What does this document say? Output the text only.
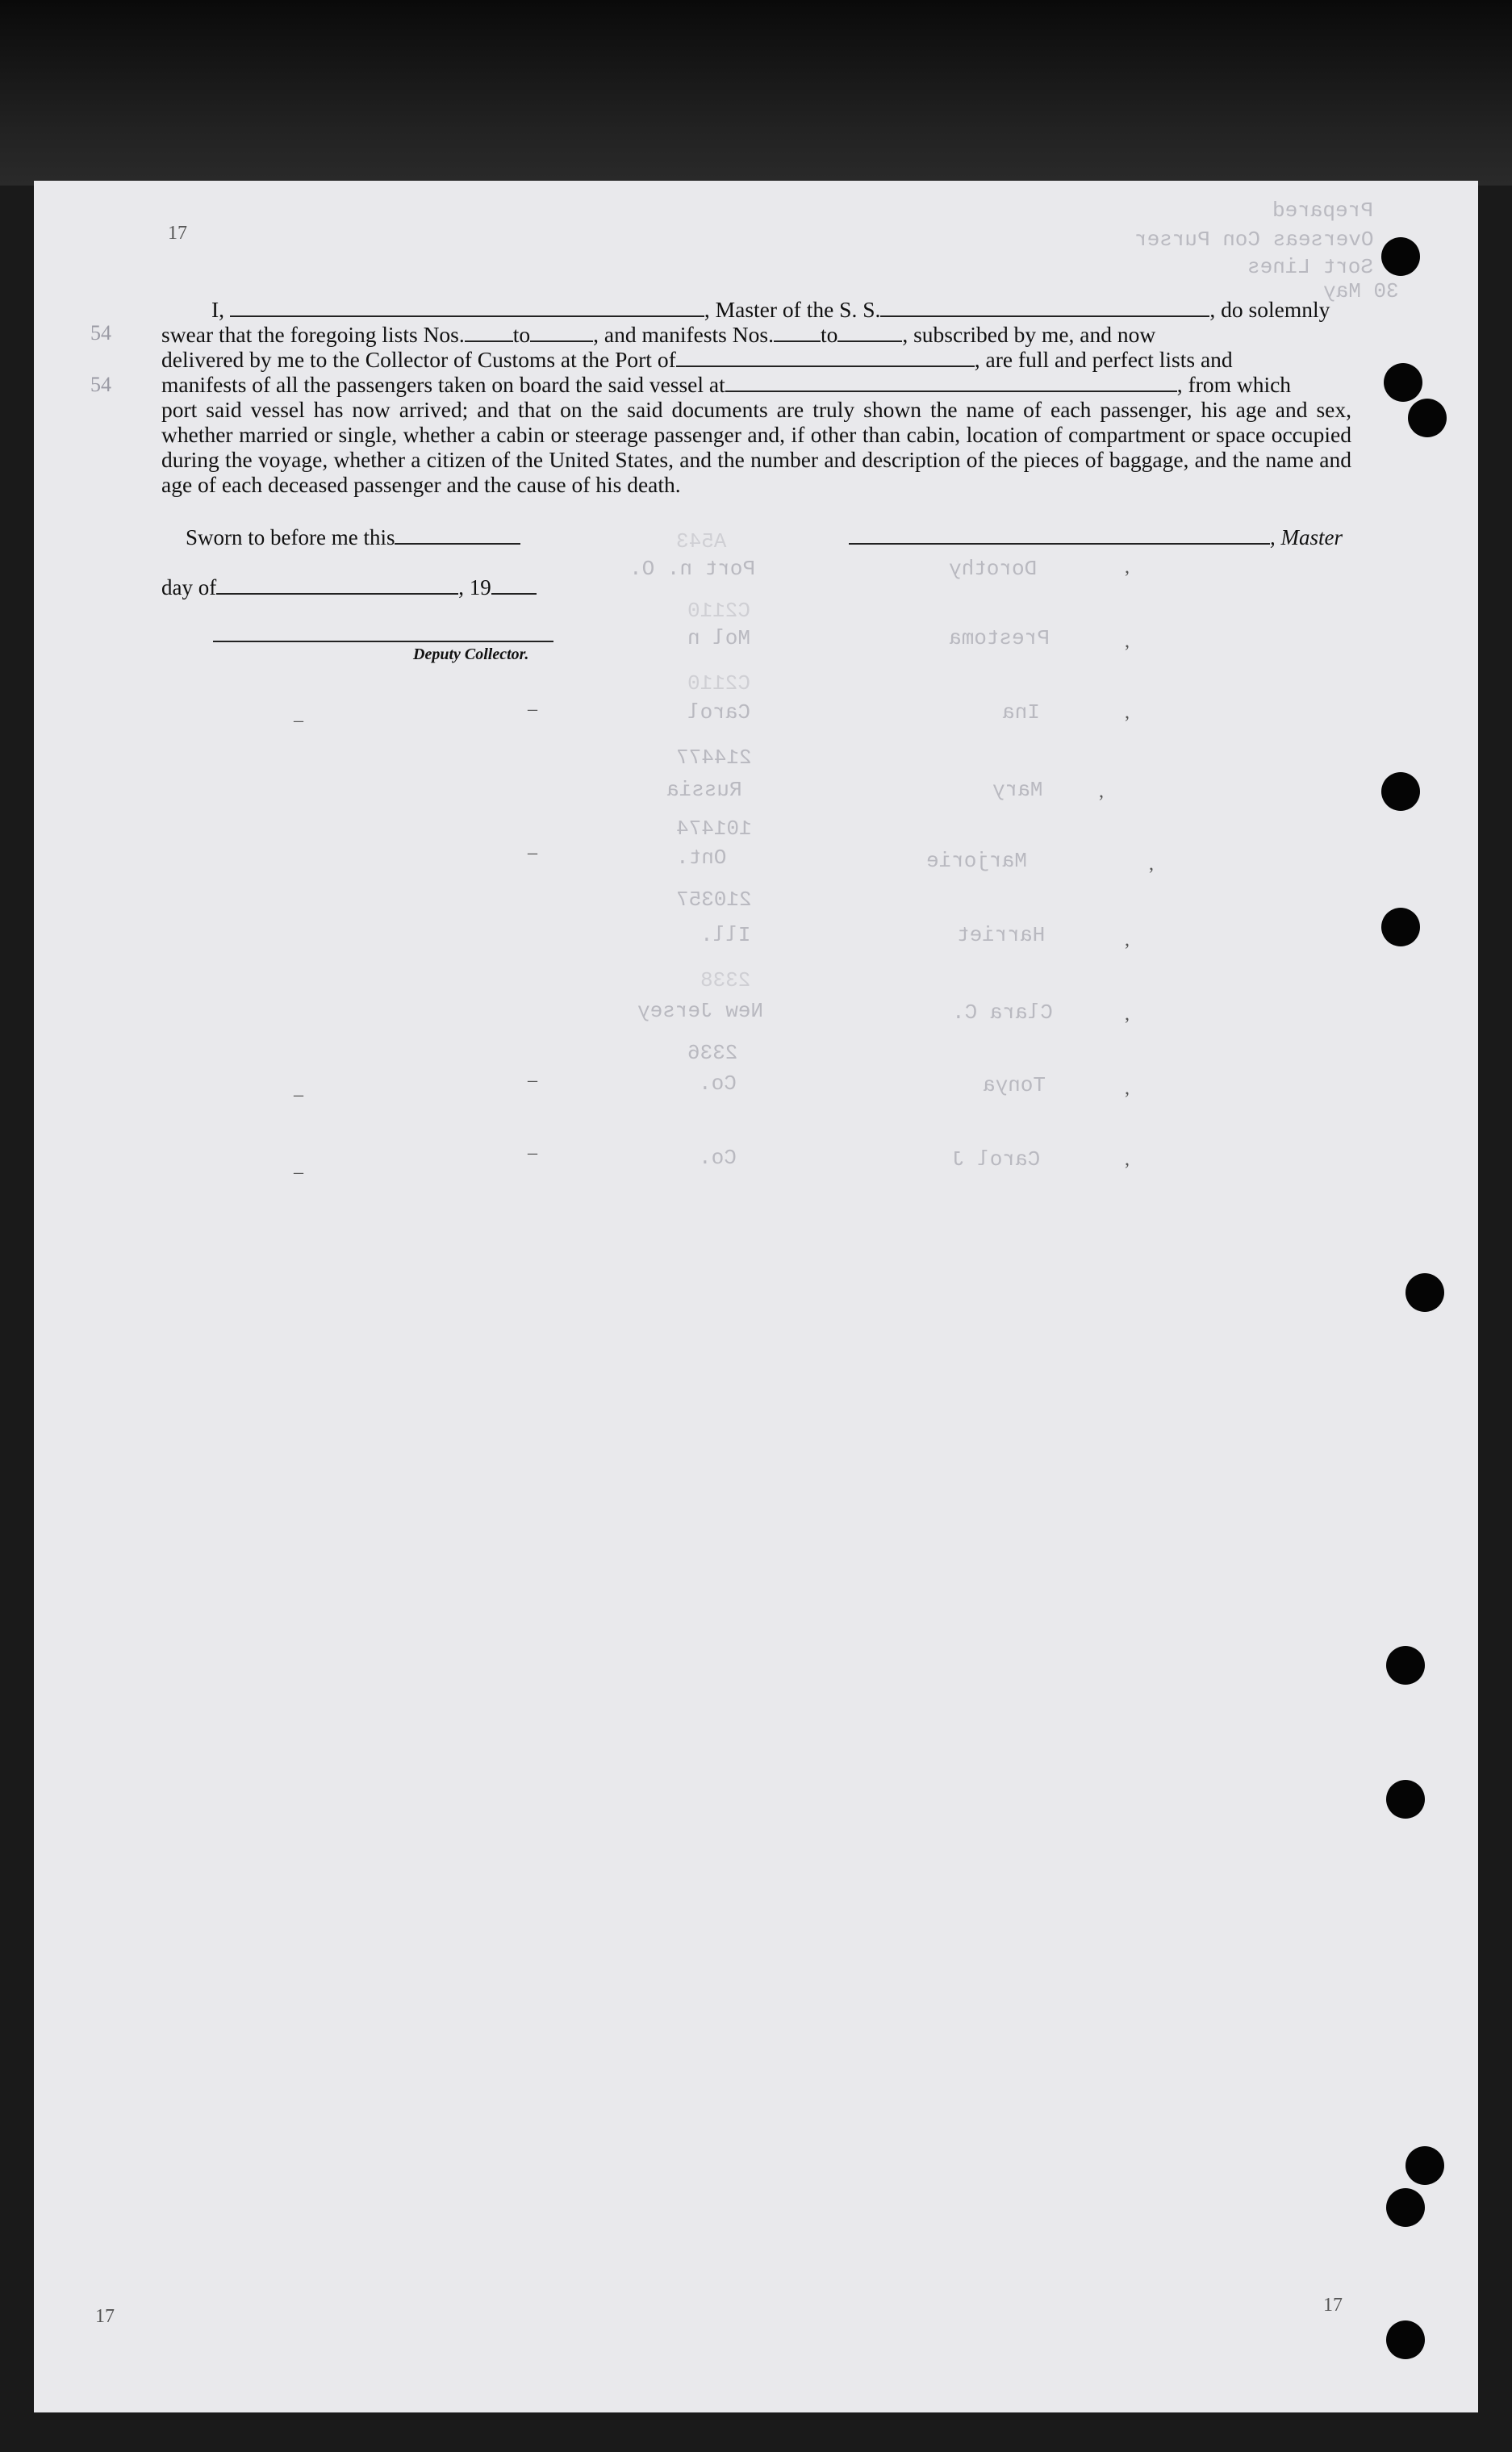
Prepared
Overseas Con Purser
Sort Lines
30 May
54
54
17
17
17
I,	, Master of the S. S.	, do solemnly
swear that the foregoing lists Nos. to	, and manifests Nos. to	, subscribed by me, and now
delivered by me to the Collector of Customs at the Port of	, are full and perfect lists and
manifests of all the passengers taken on board the said vessel at	, from which
port said vessel has now arrived; and that on the said documents are truly shown the name of each passenger, his age and sex, whether married or single, whether a cabin or steerage passenger and, if other than cabin, location of compartment or space occupied during the voyage, whether a citizen of the United States, and the number and description of the pieces of baggage, and the name and age of each deceased passenger and the cause of his death.
Sworn to before me this	, Master
day of	, 19
Deputy Collector.
A543
Port n. O.	Dorothy
C2110
Mol n	Prestoma
C2110
Carol	Ina
214477
Russia	Mary
101474
Ont.	Marjorie
210357
Ill.	Harriet
2338
New Jersey	Clara C.
2336
Co.	Tonya
Co.	Carol J
–
–
–
–
–
–
–
,
,
,
,
,
,
,
,
,
